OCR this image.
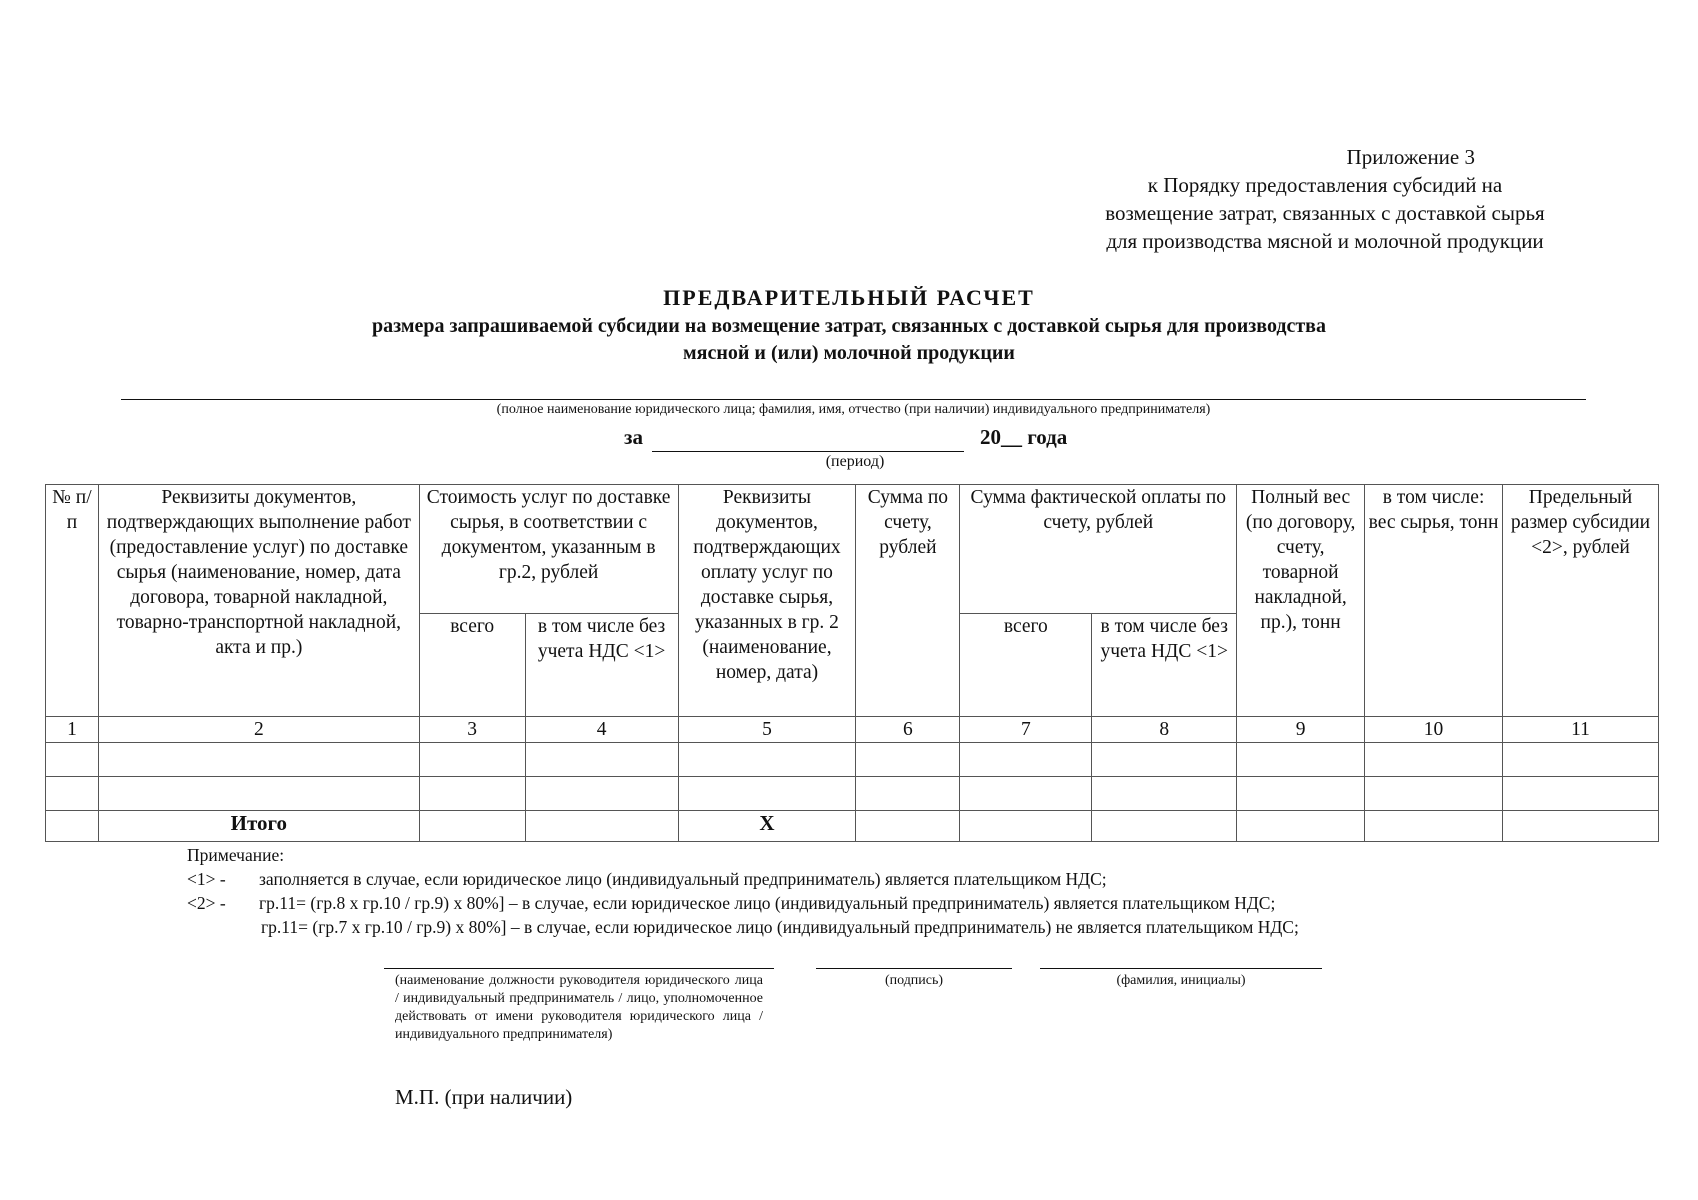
Приложение 3
к Порядку предоставления субсидий на
возмещение затрат, связанных с доставкой сырья
для производства мясной и молочной продукции
ПРЕДВАРИТЕЛЬНЫЙ РАСЧЕТ
размера запрашиваемой субсидии на возмещение затрат, связанных с доставкой сырья для производства
мясной и (или) молочной продукции
(полное наименование юридического лица; фамилия, имя, отчество (при наличии) индивидуального предпринимателя)
за	20__ года
(период)
№ п/п	Реквизиты документов, подтверждающих выполнение работ (предоставление услуг) по доставке сырья (наименование, номер, дата договора, товарной накладной, товарно-транспортной накладной, акта и пр.)	Стоимость услуг по доставке сырья, в соответствии с документом, указанным в гр.2, рублей		Реквизиты документов, подтверждающих оплату услуг по доставке сырья, указанных в гр. 2 (наименование, номер, дата)	Сумма по счету, рублей	Сумма фактической оплаты по счету, рублей		Полный вес (по договору, счету, товарной накладной, пр.), тонн	в том числе: вес сырья, тонн	Предельный размер субсидии <2>, рублей
		всего	в том числе без учета НДС <1>			всего	в том числе без учета НДС <1>			
1	2	3	4	5	6	7	8	9	10	11

	Итого			Х						
Примечание:
<1> - заполняется в случае, если юридическое лицо (индивидуальный предприниматель) является плательщиком НДС;
<2> - гр.11= (гр.8 х гр.10 / гр.9) х 80%] – в случае, если юридическое лицо (индивидуальный предприниматель) является плательщиком НДС;
гр.11= (гр.7 х гр.10 / гр.9) х 80%] – в случае, если юридическое лицо (индивидуальный предприниматель) не является плательщиком НДС;
(наименование должности руководителя юридического лица / индивидуальный предприниматель / лицо, уполномоченное действовать от имени руководителя юридического лица / индивидуального предпринимателя)
(подпись)	(фамилия, инициалы)
М.П. (при наличии)
